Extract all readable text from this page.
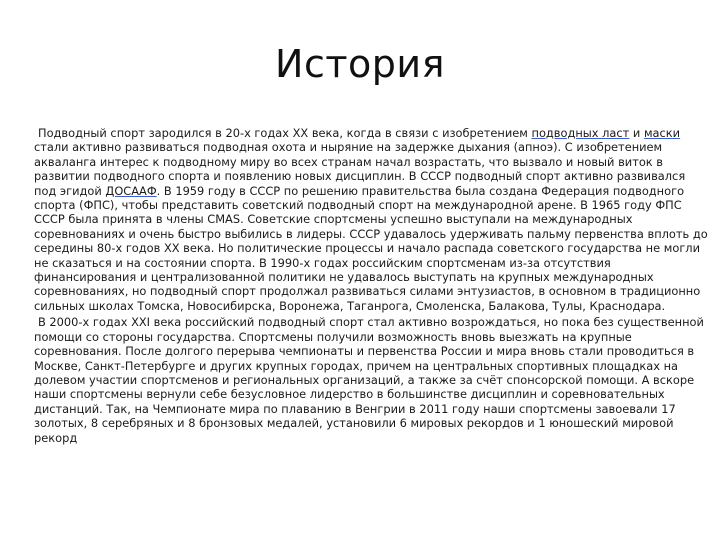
История

Подводный спорт зародился в 20-х годах XX века, когда в связи с изобретением подводных ласт и маски стали активно развиваться подводная охота и ныряние на задержке дыхания (апноэ). С изобретением акваланга интерес к подводному миру во всех странам начал возрастать, что вызвало и новый виток в развитии подводного спорта и появлению новых дисциплин. В СССР подводный спорт активно развивался под эгидой ДОСААФ. В 1959 году в СССР по решению правительства была создана Федерация подводного спорта (ФПС), чтобы представить советский подводный спорт на международной арене. В 1965 году ФПС СССР была принята в члены CMAS. Советские спортсмены успешно выступали на международных соревнованиях и очень быстро выбились в лидеры. СССР удавалось удерживать пальму первенства вплоть до середины 80-х годов XX века. Но политические процессы и начало распада советского государства не могли не сказаться и на состоянии спорта. В 1990-х годах российским спортсменам из-за отсутствия финансирования и централизованной политики не удавалось выступать на крупных международных соревнованиях, но подводный спорт продолжал развиваться силами энтузиастов, в основном в традиционно сильных школах Томска, Новосибирска, Воронежа, Таганрога, Смоленска, Балакова, Тулы, Краснодара.

В 2000-х годах XXI века российский подводный спорт стал активно возрождаться, но пока без существенной помощи со стороны государства. Спортсмены получили возможность вновь выезжать на крупные соревнования. После долгого перерыва чемпионаты и первенства России и мира вновь стали проводиться в Москве, Санкт-Петербурге и других крупных городах, причем на центральных спортивных площадках на долевом участии спортсменов и региональных организаций, а также за счёт спонсорской помощи. А вскоре наши спортсмены вернули себе безусловное лидерство в большинстве дисциплин и соревновательных дистанций. Так, на Чемпионате мира по плаванию в Венгрии в 2011 году наши спортсмены завоевали 17 золотых, 8 серебряных и 8 бронзовых медалей, установили 6 мировых рекордов и 1 юношеский мировой рекорд
